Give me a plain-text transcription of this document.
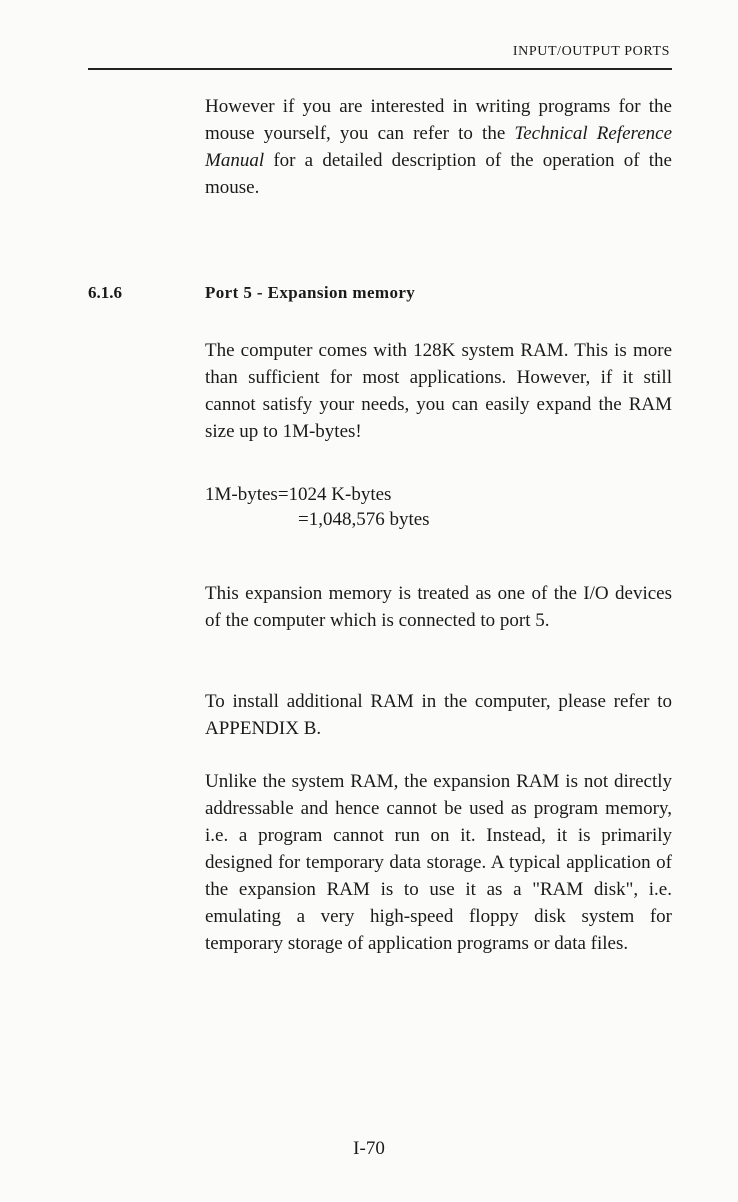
INPUT/OUTPUT PORTS
However if you are interested in writing programs for the mouse yourself, you can refer to the Technical Reference Manual for a detailed description of the operation of the mouse.
6.1.6	Port 5 - Expansion memory
The computer comes with 128K system RAM. This is more than sufficient for most applications. However, if it still cannot satisfy your needs, you can easily expand the RAM size up to 1M-bytes!
1M-bytes=1024 K-bytes
=1,048,576 bytes
This expansion memory is treated as one of the I/O devices of the computer which is connected to port 5.
To install additional RAM in the computer, please refer to APPENDIX B.
Unlike the system RAM, the expansion RAM is not directly addressable and hence cannot be used as program memory, i.e. a program cannot run on it. Instead, it is primarily designed for temporary data storage. A typical application of the expansion RAM is to use it as a "RAM disk", i.e. emulating a very high-speed floppy disk system for temporary storage of application programs or data files.
I-70
